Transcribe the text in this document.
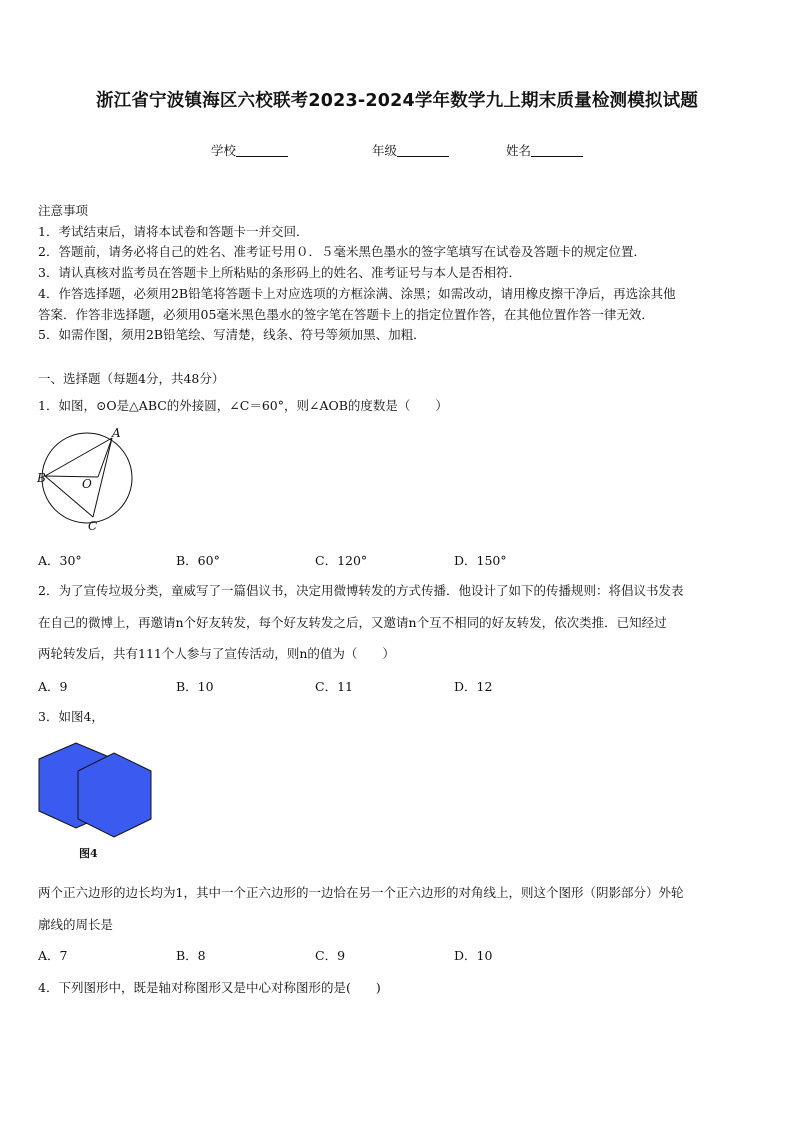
浙江省宁波镇海区六校联考2023-2024学年数学九上期末质量检测模拟试题
学校	年级	姓名
注意事项
1．考试结束后，请将本试卷和答题卡一并交回．
2．答题前，请务必将自己的姓名、准考证号用０．５毫米黑色墨水的签字笔填写在试卷及答题卡的规定位置．
3．请认真核对监考员在答题卡上所粘贴的条形码上的姓名、准考证号与本人是否相符．
4．作答选择题，必须用2B铅笔将答题卡上对应选项的方框涂满、涂黑；如需改动，请用橡皮擦干净后，再选涂其他
答案．作答非选择题，必须用05毫米黑色墨水的签字笔在答题卡上的指定位置作答，在其他位置作答一律无效．
5．如需作图，须用2B铅笔绘、写清楚，线条、符号等须加黑、加粗．
一、选择题（每题4分，共48分）
1．如图，⊙O是△ABC的外接圆，∠C＝60°，则∠AOB的度数是（　　）
A
B
C
O
A．30°	B．60°	C．120°	D．150°
2．为了宣传垃圾分类，童威写了一篇倡议书，决定用微博转发的方式传播．他设计了如下的传播规则：将倡议书发表
在自己的微博上，再邀请n个好友转发，每个好友转发之后，又邀请n个互不相同的好友转发，依次类推．已知经过
两轮转发后，共有111个人参与了宣传活动，则n的值为（　　）
A．9	B．10	C．11	D．12
3．如图4，
图4
两个正六边形的边长均为1，其中一个正六边形的一边恰在另一个正六边形的对角线上，则这个图形（阴影部分）外轮
廓线的周长是
A．7	B．8	C．9	D．10
4．下列图形中，既是轴对称图形又是中心对称图形的是(　　)
